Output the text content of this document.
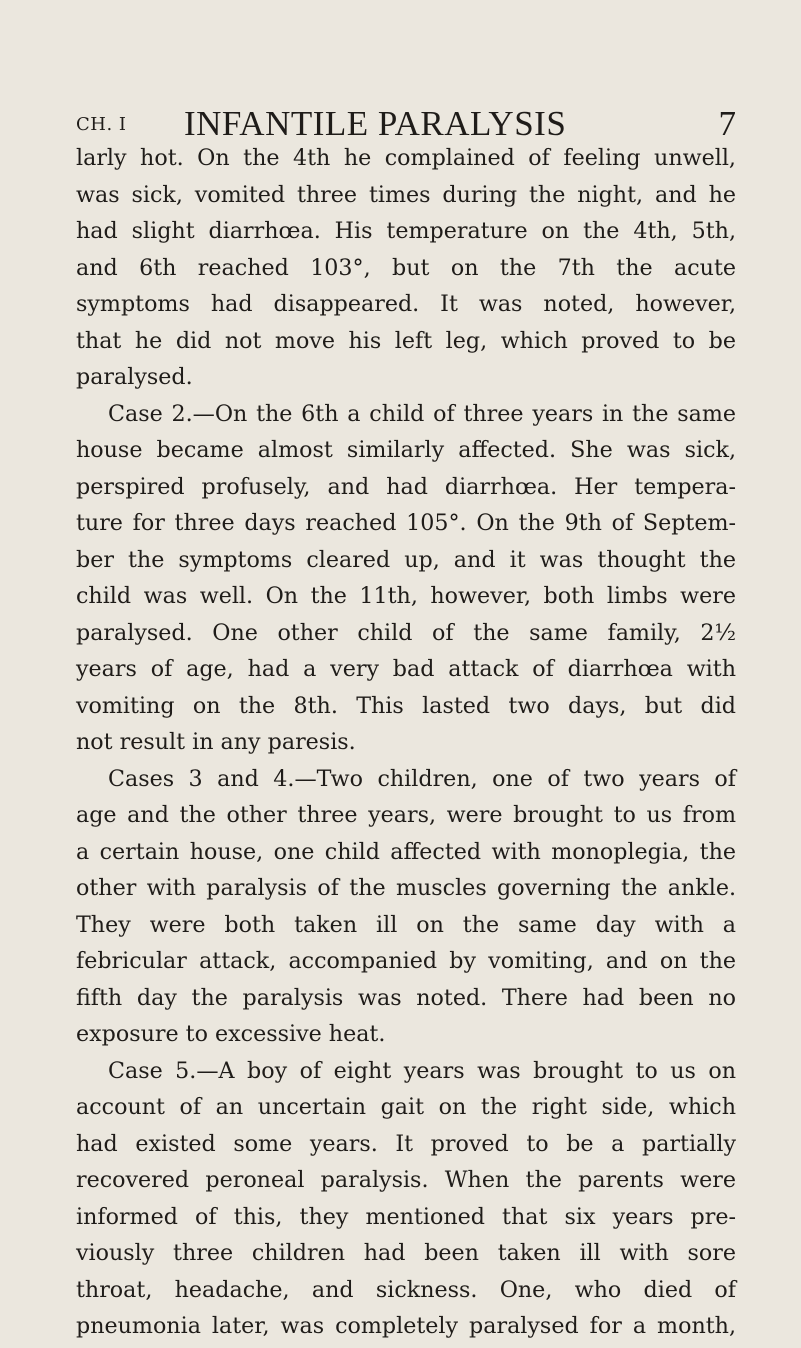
CH. I INFANTILE PARALYSIS	7
larly hot. On the 4th he complained of feeling unwell,
was sick, vomited three times during the night, and he
had slight diarrhœa. His temperature on the 4th, 5th,
and 6th reached 103°, but on the 7th the acute
symptoms had disappeared. It was noted, however,
that he did not move his left leg, which proved to be
paralysed.
Case 2.—On the 6th a child of three years in the same
house became almost similarly affected. She was sick,
perspired profusely, and had diarrhœa. Her tempera-
ture for three days reached 105°. On the 9th of Septem-
ber the symptoms cleared up, and it was thought the
child was well. On the 11th, however, both limbs were
paralysed. One other child of the same family, 2½
years of age, had a very bad attack of diarrhœa with
vomiting on the 8th. This lasted two days, but did
not result in any paresis.
Cases 3 and 4.—Two children, one of two years of
age and the other three years, were brought to us from
a certain house, one child affected with monoplegia, the
other with paralysis of the muscles governing the ankle.
They were both taken ill on the same day with a
febricular attack, accompanied by vomiting, and on the
fifth day the paralysis was noted. There had been no
exposure to excessive heat.
Case 5.—A boy of eight years was brought to us on
account of an uncertain gait on the right side, which
had existed some years. It proved to be a partially
recovered peroneal paralysis. When the parents were
informed of this, they mentioned that six years pre-
viously three children had been taken ill with sore
throat, headache, and sickness. One, who died of
pneumonia later, was completely paralysed for a month,
